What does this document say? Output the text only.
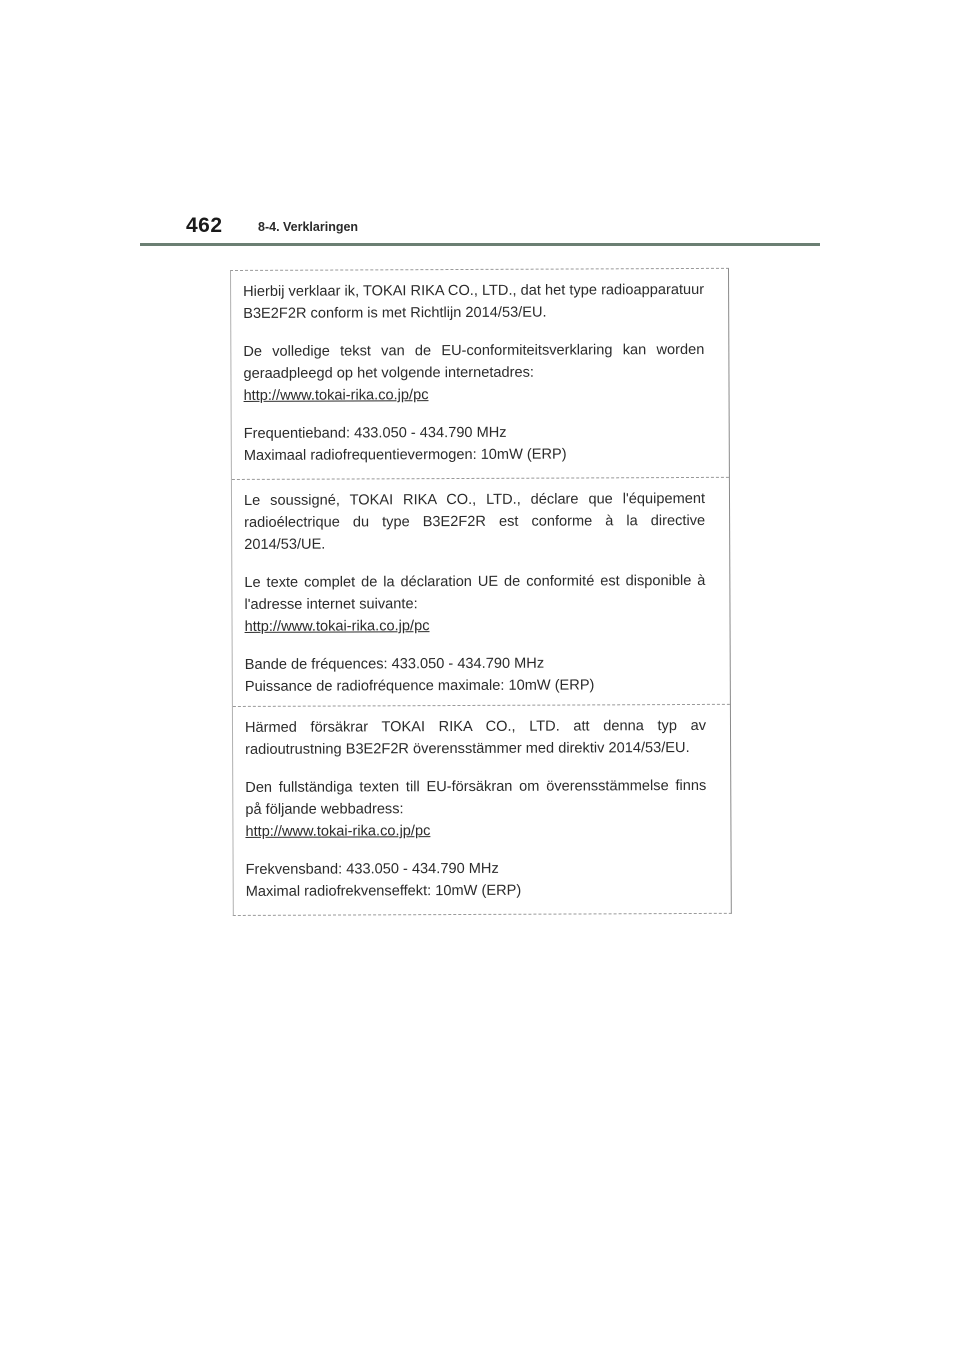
462	8-4. Verklaringen

Hierbij verklaar ik, TOKAI RIKA CO., LTD., dat het type radioapparatuur B3E2F2R conform is met Richtlijn 2014/53/EU.

De volledige tekst van de EU-conformiteitsverklaring kan worden geraadpleegd op het volgende internetadres:
http://www.tokai-rika.co.jp/pc

Frequentieband: 433.050 - 434.790 MHz
Maximaal radiofrequentievermogen: 10mW (ERP)

Le soussigné, TOKAI RIKA CO., LTD., déclare que l'équipement radioélectrique du type B3E2F2R est conforme à la directive 2014/53/UE.

Le texte complet de la déclaration UE de conformité est disponible à l'adresse internet suivante:
http://www.tokai-rika.co.jp/pc

Bande de fréquences: 433.050 - 434.790 MHz
Puissance de radiofréquence maximale: 10mW (ERP)

Härmed försäkrar TOKAI RIKA CO., LTD. att denna typ av radioutrustning B3E2F2R överensstämmer med direktiv 2014/53/EU.

Den fullständiga texten till EU-försäkran om överensstämmelse finns på följande webbadress:
http://www.tokai-rika.co.jp/pc

Frekvensband: 433.050 - 434.790 MHz
Maximal radiofrekvenseffekt: 10mW (ERP)
